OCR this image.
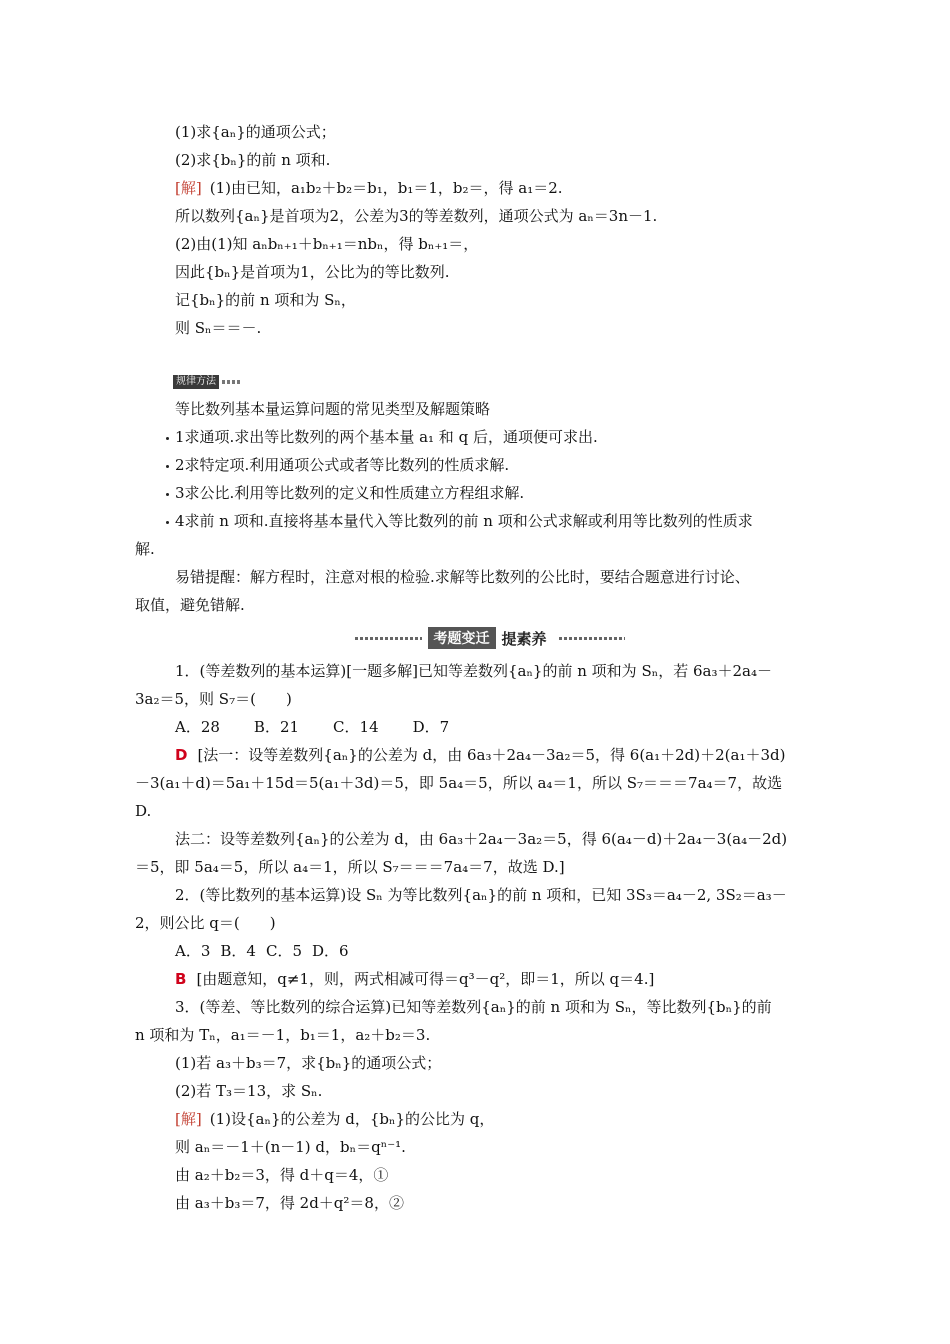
(1)求{aₙ}的通项公式；
(2)求{bₙ}的前 n 项和.
[解] (1)由已知，a₁b₂＋b₂＝b₁，b₁＝1，b₂＝，得 a₁＝2.
所以数列{aₙ}是首项为2，公差为3的等差数列，通项公式为 aₙ＝3n－1.
(2)由(1)知 aₙbₙ₊₁＋bₙ₊₁＝nbₙ，得 bₙ₊₁＝，
因此{bₙ}是首项为1，公比为的等比数列.
记{bₙ}的前 n 项和为 Sₙ，
则 Sₙ＝＝－.
规律方法
等比数列基本量运算问题的常见类型及解题策略
1求通项.求出等比数列的两个基本量 a₁ 和 q 后，通项便可求出.
2求特定项.利用通项公式或者等比数列的性质求解.
3求公比.利用等比数列的定义和性质建立方程组求解.
4求前 n 项和.直接将基本量代入等比数列的前 n 项和公式求解或利用等比数列的性质求
解.
易错提醒：解方程时，注意对根的检验.求解等比数列的公比时，要结合题意进行讨论、
取值，避免错解.
考题变迁 提素养
1．(等差数列的基本运算)[一题多解]已知等差数列{aₙ}的前 n 项和为 Sₙ，若 6a₃＋2a₄－
3a₂＝5，则 S₇＝(　　)
A．28 B．21 C．14 D．7
D [法一：设等差数列{aₙ}的公差为 d，由 6a₃＋2a₄－3a₂＝5，得 6(a₁＋2d)＋2(a₁＋3d)
－3(a₁＋d)＝5a₁＋15d＝5(a₁＋3d)＝5，即 5a₄＝5，所以 a₄＝1，所以 S₇＝＝＝7a₄＝7，故选
D.
法二：设等差数列{aₙ}的公差为 d，由 6a₃＋2a₄－3a₂＝5，得 6(a₄－d)＋2a₄－3(a₄－2d)
＝5，即 5a₄＝5，所以 a₄＝1，所以 S₇＝＝＝7a₄＝7，故选 D.]
2．(等比数列的基本运算)设 Sₙ 为等比数列{aₙ}的前 n 项和，已知 3S₃＝a₄－2, 3S₂＝a₃－
2，则公比 q＝(　　)
A．3 B．4 C．5 D．6
B [由题意知，q≠1，则，两式相减可得＝q³－q²，即＝1，所以 q＝4.]
3．(等差、等比数列的综合运算)已知等差数列{aₙ}的前 n 项和为 Sₙ，等比数列{bₙ}的前
n 项和为 Tₙ，a₁＝－1，b₁＝1，a₂＋b₂＝3.
(1)若 a₃＋b₃＝7，求{bₙ}的通项公式；
(2)若 T₃＝13，求 Sₙ.
[解] (1)设{aₙ}的公差为 d，{bₙ}的公比为 q，
则 aₙ＝－1＋(n－1) d，bₙ＝qⁿ⁻¹.
由 a₂＋b₂＝3，得 d＋q＝4，①
由 a₃＋b₃＝7，得 2d＋q²＝8，②
